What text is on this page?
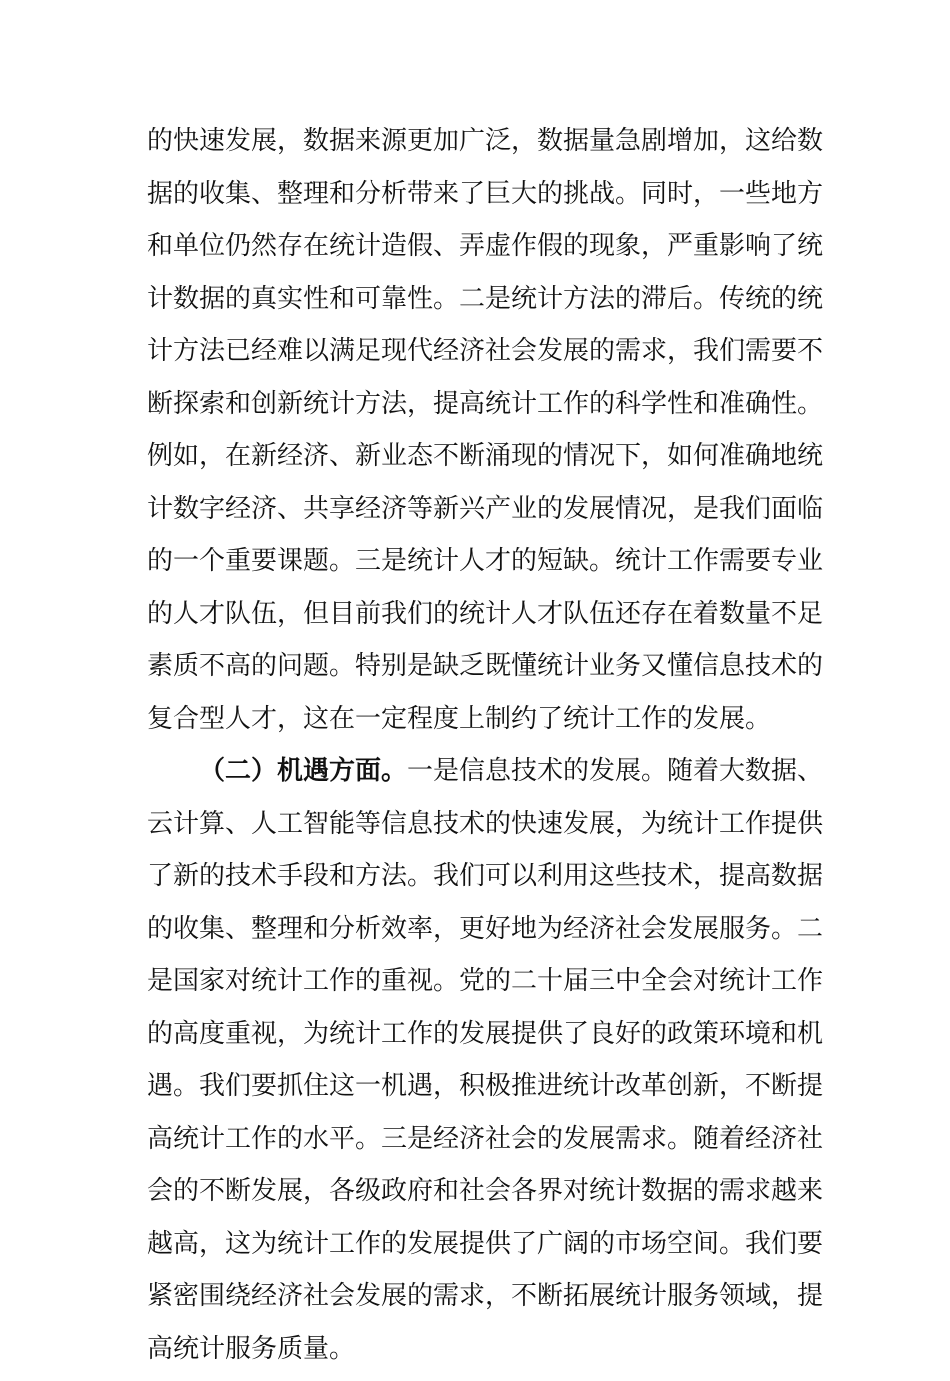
的快速发展，数据来源更加广泛，数据量急剧增加，这给数
据的收集、整理和分析带来了巨大的挑战。同时，一些地方
和单位仍然存在统计造假、弄虚作假的现象，严重影响了统
计数据的真实性和可靠性。二是统计方法的滞后。传统的统
计方法已经难以满足现代经济社会发展的需求，我们需要不
断探索和创新统计方法，提高统计工作的科学性和准确性。
例如，在新经济、新业态不断涌现的情况下，如何准确地统
计数字经济、共享经济等新兴产业的发展情况，是我们面临
的一个重要课题。三是统计人才的短缺。统计工作需要专业
的人才队伍，但目前我们的统计人才队伍还存在着数量不足
素质不高的问题。特别是缺乏既懂统计业务又懂信息技术的
复合型人才，这在一定程度上制约了统计工作的发展。
（二）机遇方面。一是信息技术的发展。随着大数据、
云计算、人工智能等信息技术的快速发展，为统计工作提供
了新的技术手段和方法。我们可以利用这些技术，提高数据
的收集、整理和分析效率，更好地为经济社会发展服务。二
是国家对统计工作的重视。党的二十届三中全会对统计工作
的高度重视，为统计工作的发展提供了良好的政策环境和机
遇。我们要抓住这一机遇，积极推进统计改革创新，不断提
高统计工作的水平。三是经济社会的发展需求。随着经济社
会的不断发展，各级政府和社会各界对统计数据的需求越来
越高，这为统计工作的发展提供了广阔的市场空间。我们要
紧密围绕经济社会发展的需求，不断拓展统计服务领域，提
高统计服务质量。
